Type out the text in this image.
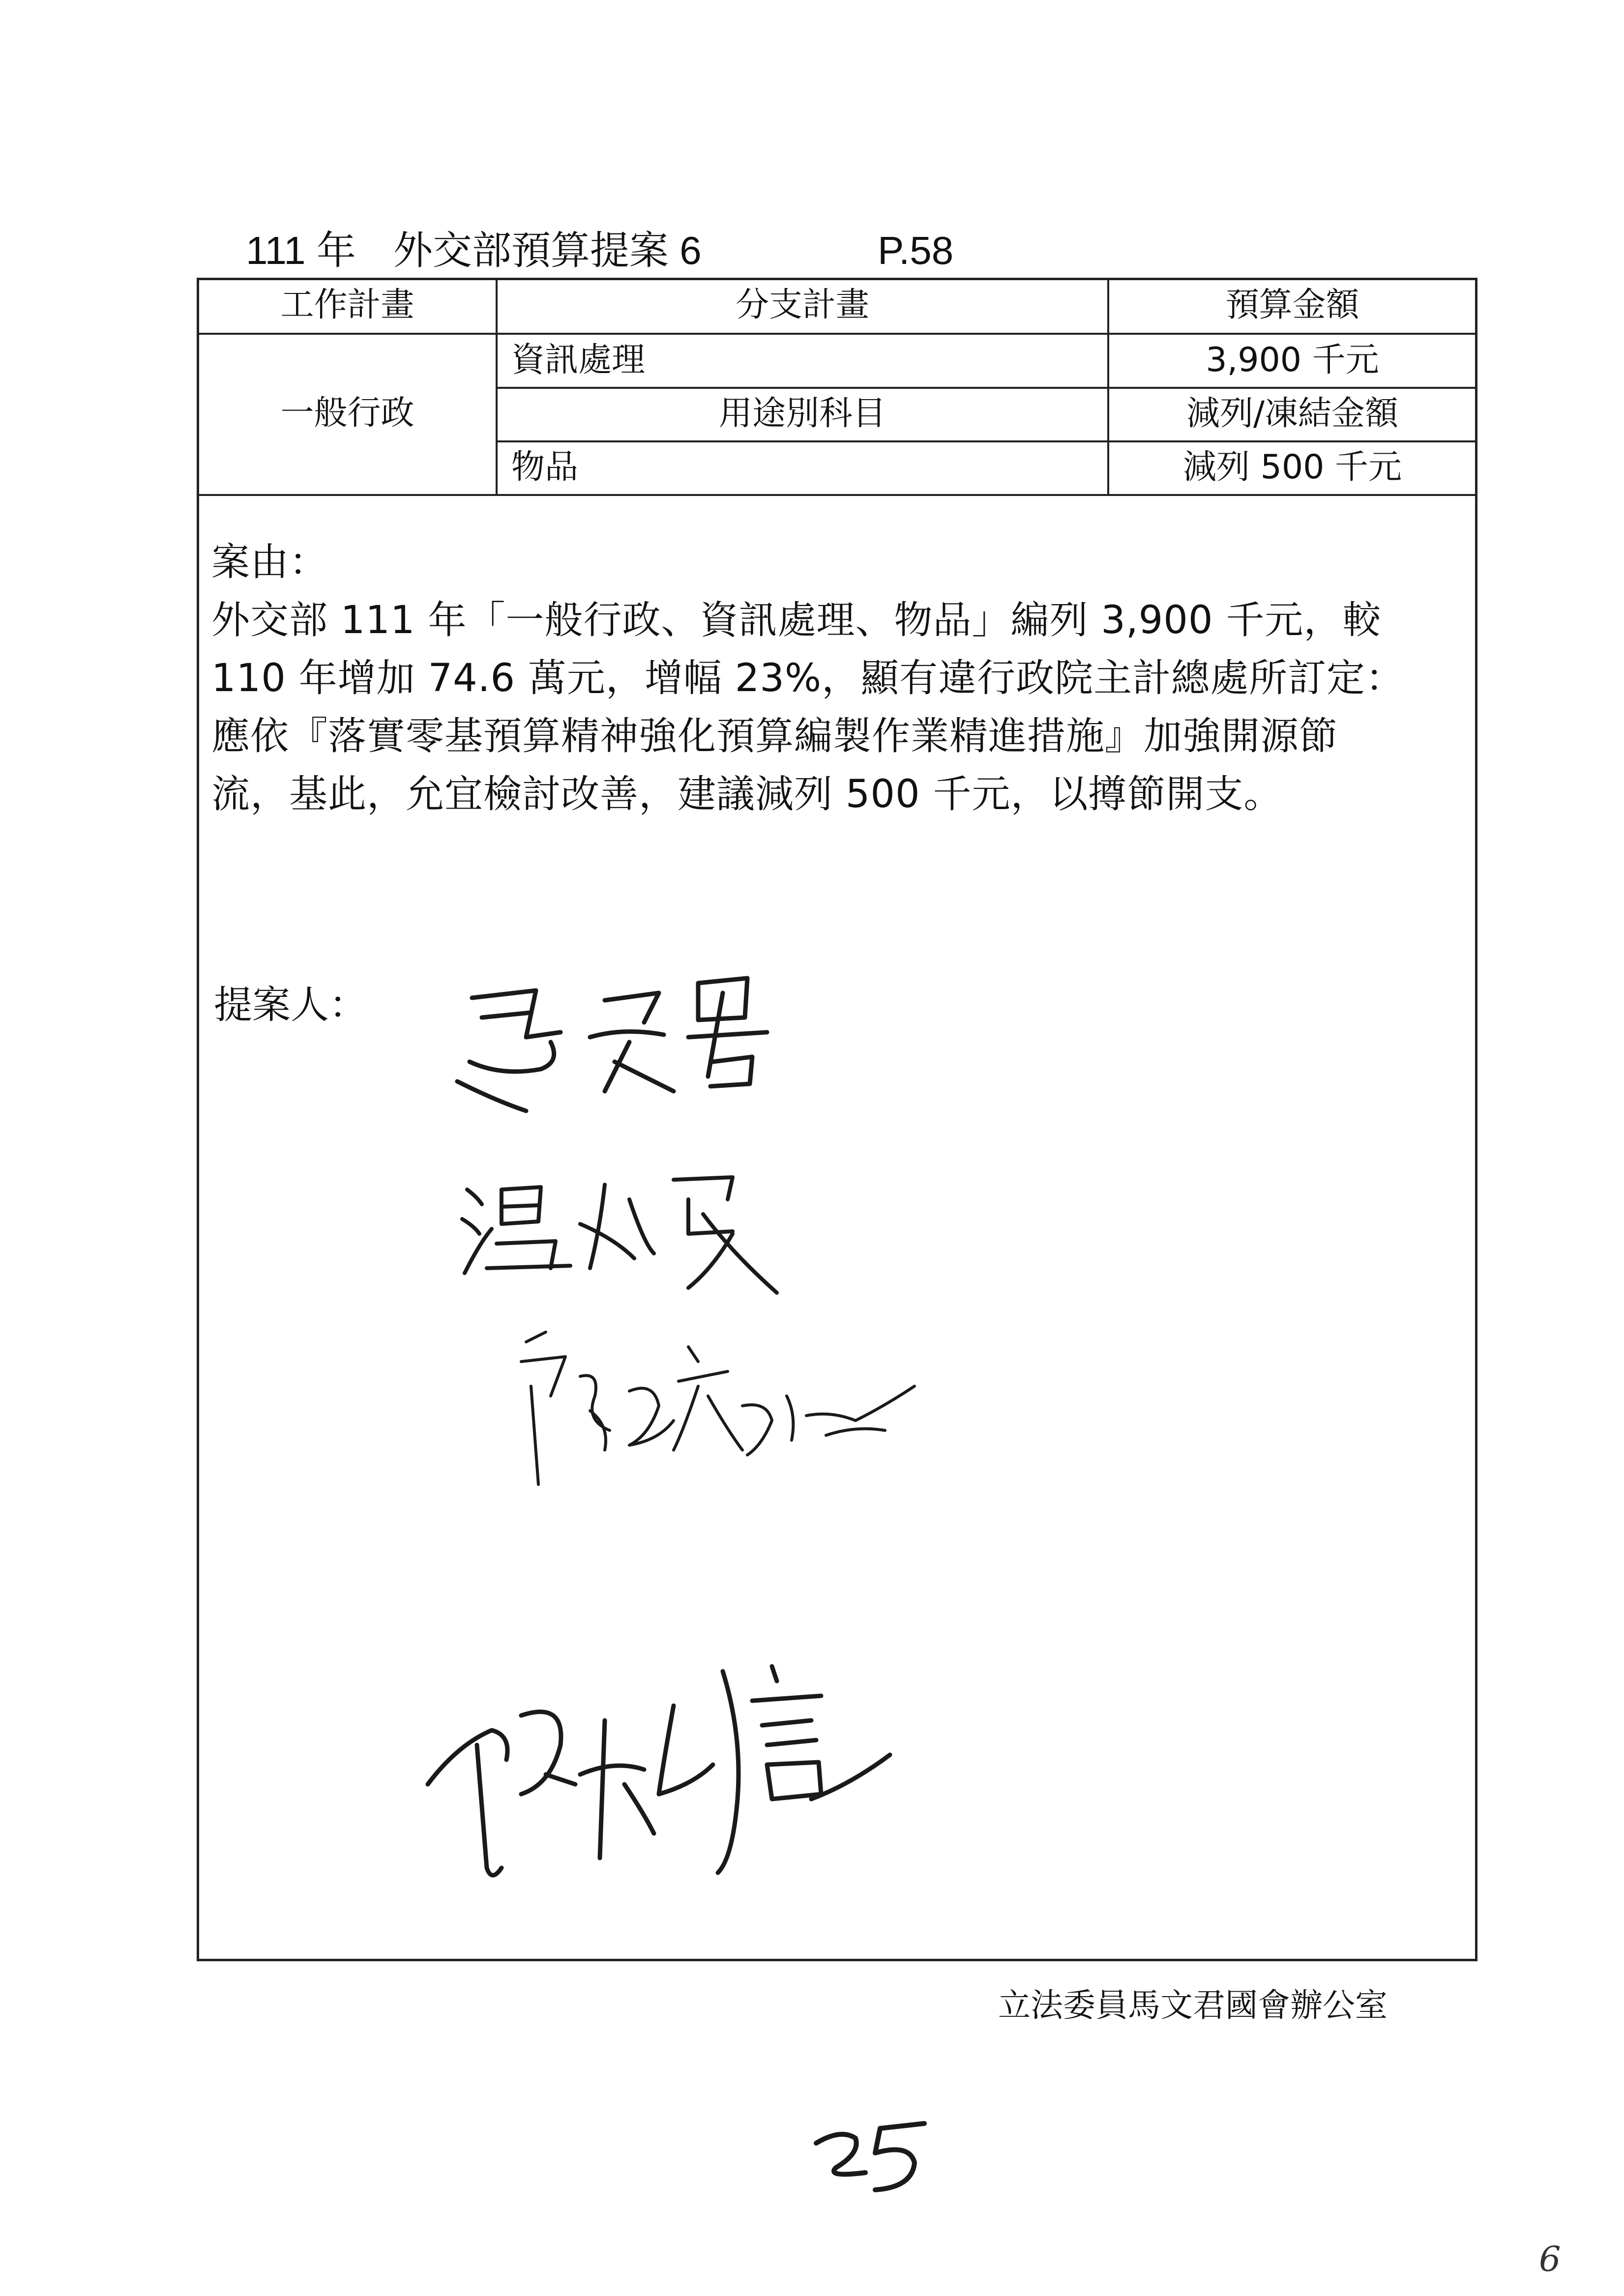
111 年 外交部預算提案 6	P.58
工作計畫	分支計畫	預算金額
一般行政
資訊處理	3,900 千元
用途別科目	減列/凍結金額
物品	減列 500 千元

案由：

外交部 111 年「一般行政、資訊處理、物品」編列 3,900 千元，較

110 年增加 74.6 萬元，增幅 23%，顯有違行政院主計總處所訂定：

應依『落實零基預算精神強化預算編製作業精進措施』加強開源節

流，基此，允宜檢討改善，建議減列 500 千元，以撙節開支。

提案人：
立法委員馬文君國會辦公室
6
